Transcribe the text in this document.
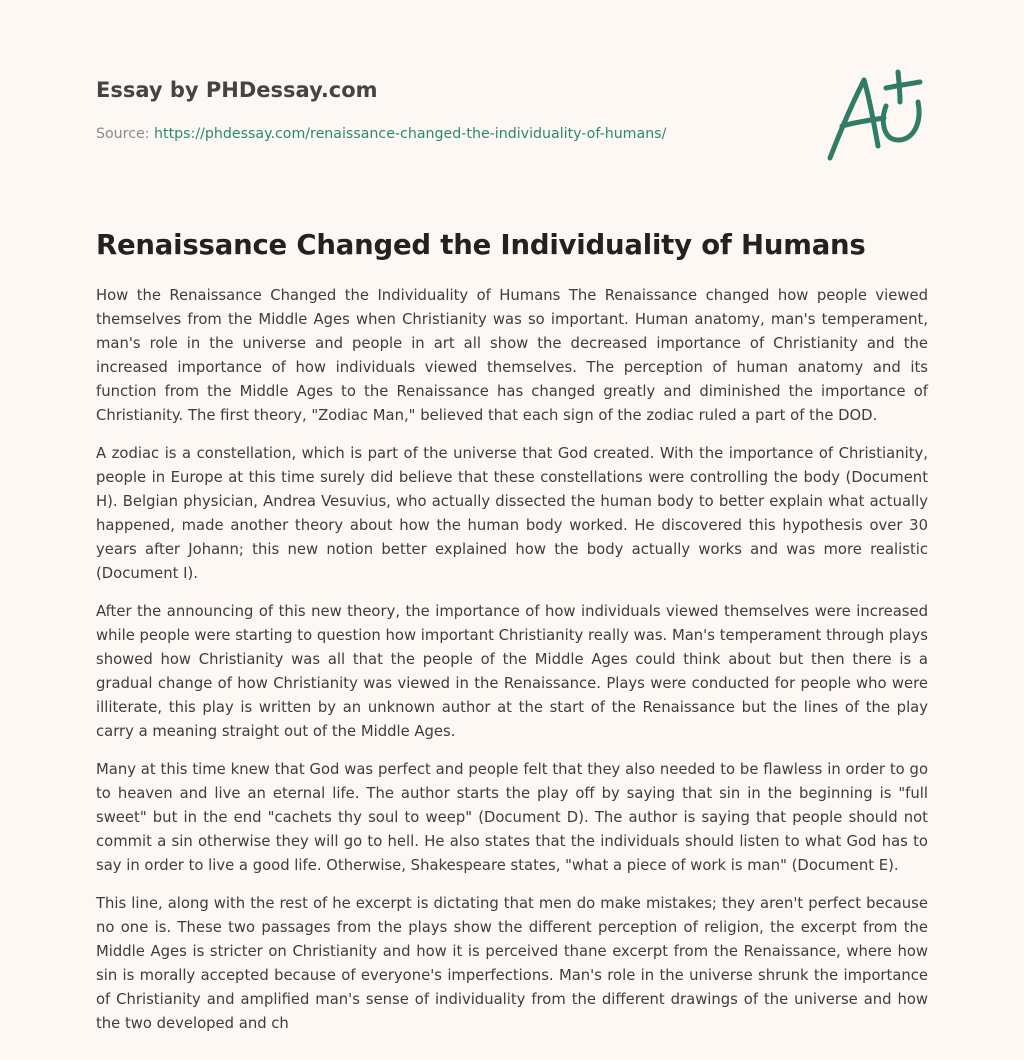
Essay by PHDessay.com
Source: https://phdessay.com/renaissance-changed-the-individuality-of-humans/
Renaissance Changed the Individuality of Humans

How the Renaissance Changed the Individuality of Humans The Renaissance changed how people viewed themselves from the Middle Ages when Christianity was so important. Human anatomy, man's temperament, man's role in the universe and people in art all show the decreased importance of Christianity and the increased importance of how individuals viewed themselves. The perception of human anatomy and its function from the Middle Ages to the Renaissance has changed greatly and diminished the importance of Christianity. The first theory, "Zodiac Man," believed that each sign of the zodiac ruled a part of the DOD.

A zodiac is a constellation, which is part of the universe that God created. With the importance of Christianity, people in Europe at this time surely did believe that these constellations were controlling the body (Document H). Belgian physician, Andrea Vesuvius, who actually dissected the human body to better explain what actually happened, made another theory about how the human body worked. He discovered this hypothesis over 30 years after Johann; this new notion better explained how the body actually works and was more realistic (Document I).

After the announcing of this new theory, the importance of how individuals viewed themselves were increased while people were starting to question how important Christianity really was. Man's temperament through plays showed how Christianity was all that the people of the Middle Ages could think about but then there is a gradual change of how Christianity was viewed in the Renaissance. Plays were conducted for people who were illiterate, this play is written by an unknown author at the start of the Renaissance but the lines of the play carry a meaning straight out of the Middle Ages.

Many at this time knew that God was perfect and people felt that they also needed to be flawless in order to go to heaven and live an eternal life. The author starts the play off by saying that sin in the beginning is "full sweet" but in the end "cachets thy soul to weep" (Document D). The author is saying that people should not commit a sin otherwise they will go to hell. He also states that the individuals should listen to what God has to say in order to live a good life. Otherwise, Shakespeare states, "what a piece of work is man" (Document E).

This line, along with the rest of he excerpt is dictating that men do make mistakes; they aren't perfect because no one is. These two passages from the plays show the different perception of religion, the excerpt from the Middle Ages is stricter on Christianity and how it is perceived thane excerpt from the Renaissance, where how sin is morally accepted because of everyone's imperfections. Man's role in the universe shrunk the importance of Christianity and amplified man's sense of individuality from the different drawings of the universe and how the two developed and ch
